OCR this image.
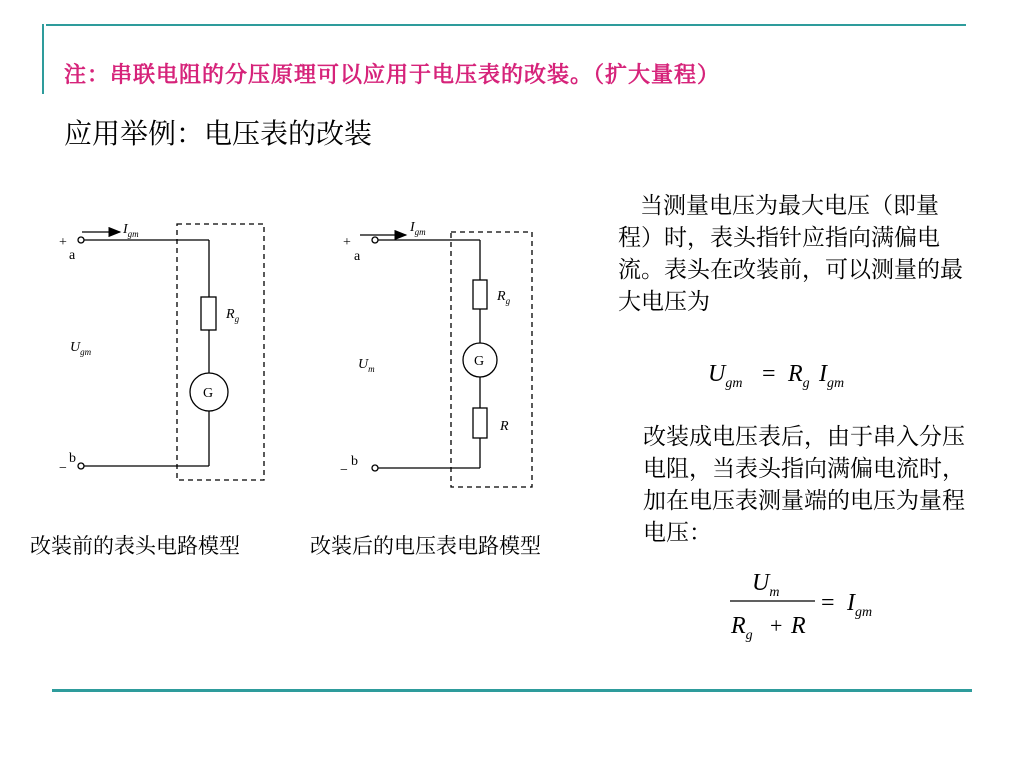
注：串联电阻的分压原理可以应用于电压表的改装。（扩大量程）
应用举例：电压表的改装
当测量电压为最大电压（即量程）时，表头指针应指向满偏电流。表头在改装前，可以测量的最大电压为
改装成电压表后，由于串入分压电阻，当表头指向满偏电流时，加在电压表测量端的电压为量程电压：
改装前的表头电路模型	改装后的电压表电路模型
$I_{gm}$
+
a
−
b
$R_g$
$U_{gm}$
G
$I_{gm}$
+
a
−
b
$R_g$
$U_m$	G
R
$U_{gm} = R_g$ $I_{gm}$
$U_m$
$R_g + R$
= $I_{gm}$
